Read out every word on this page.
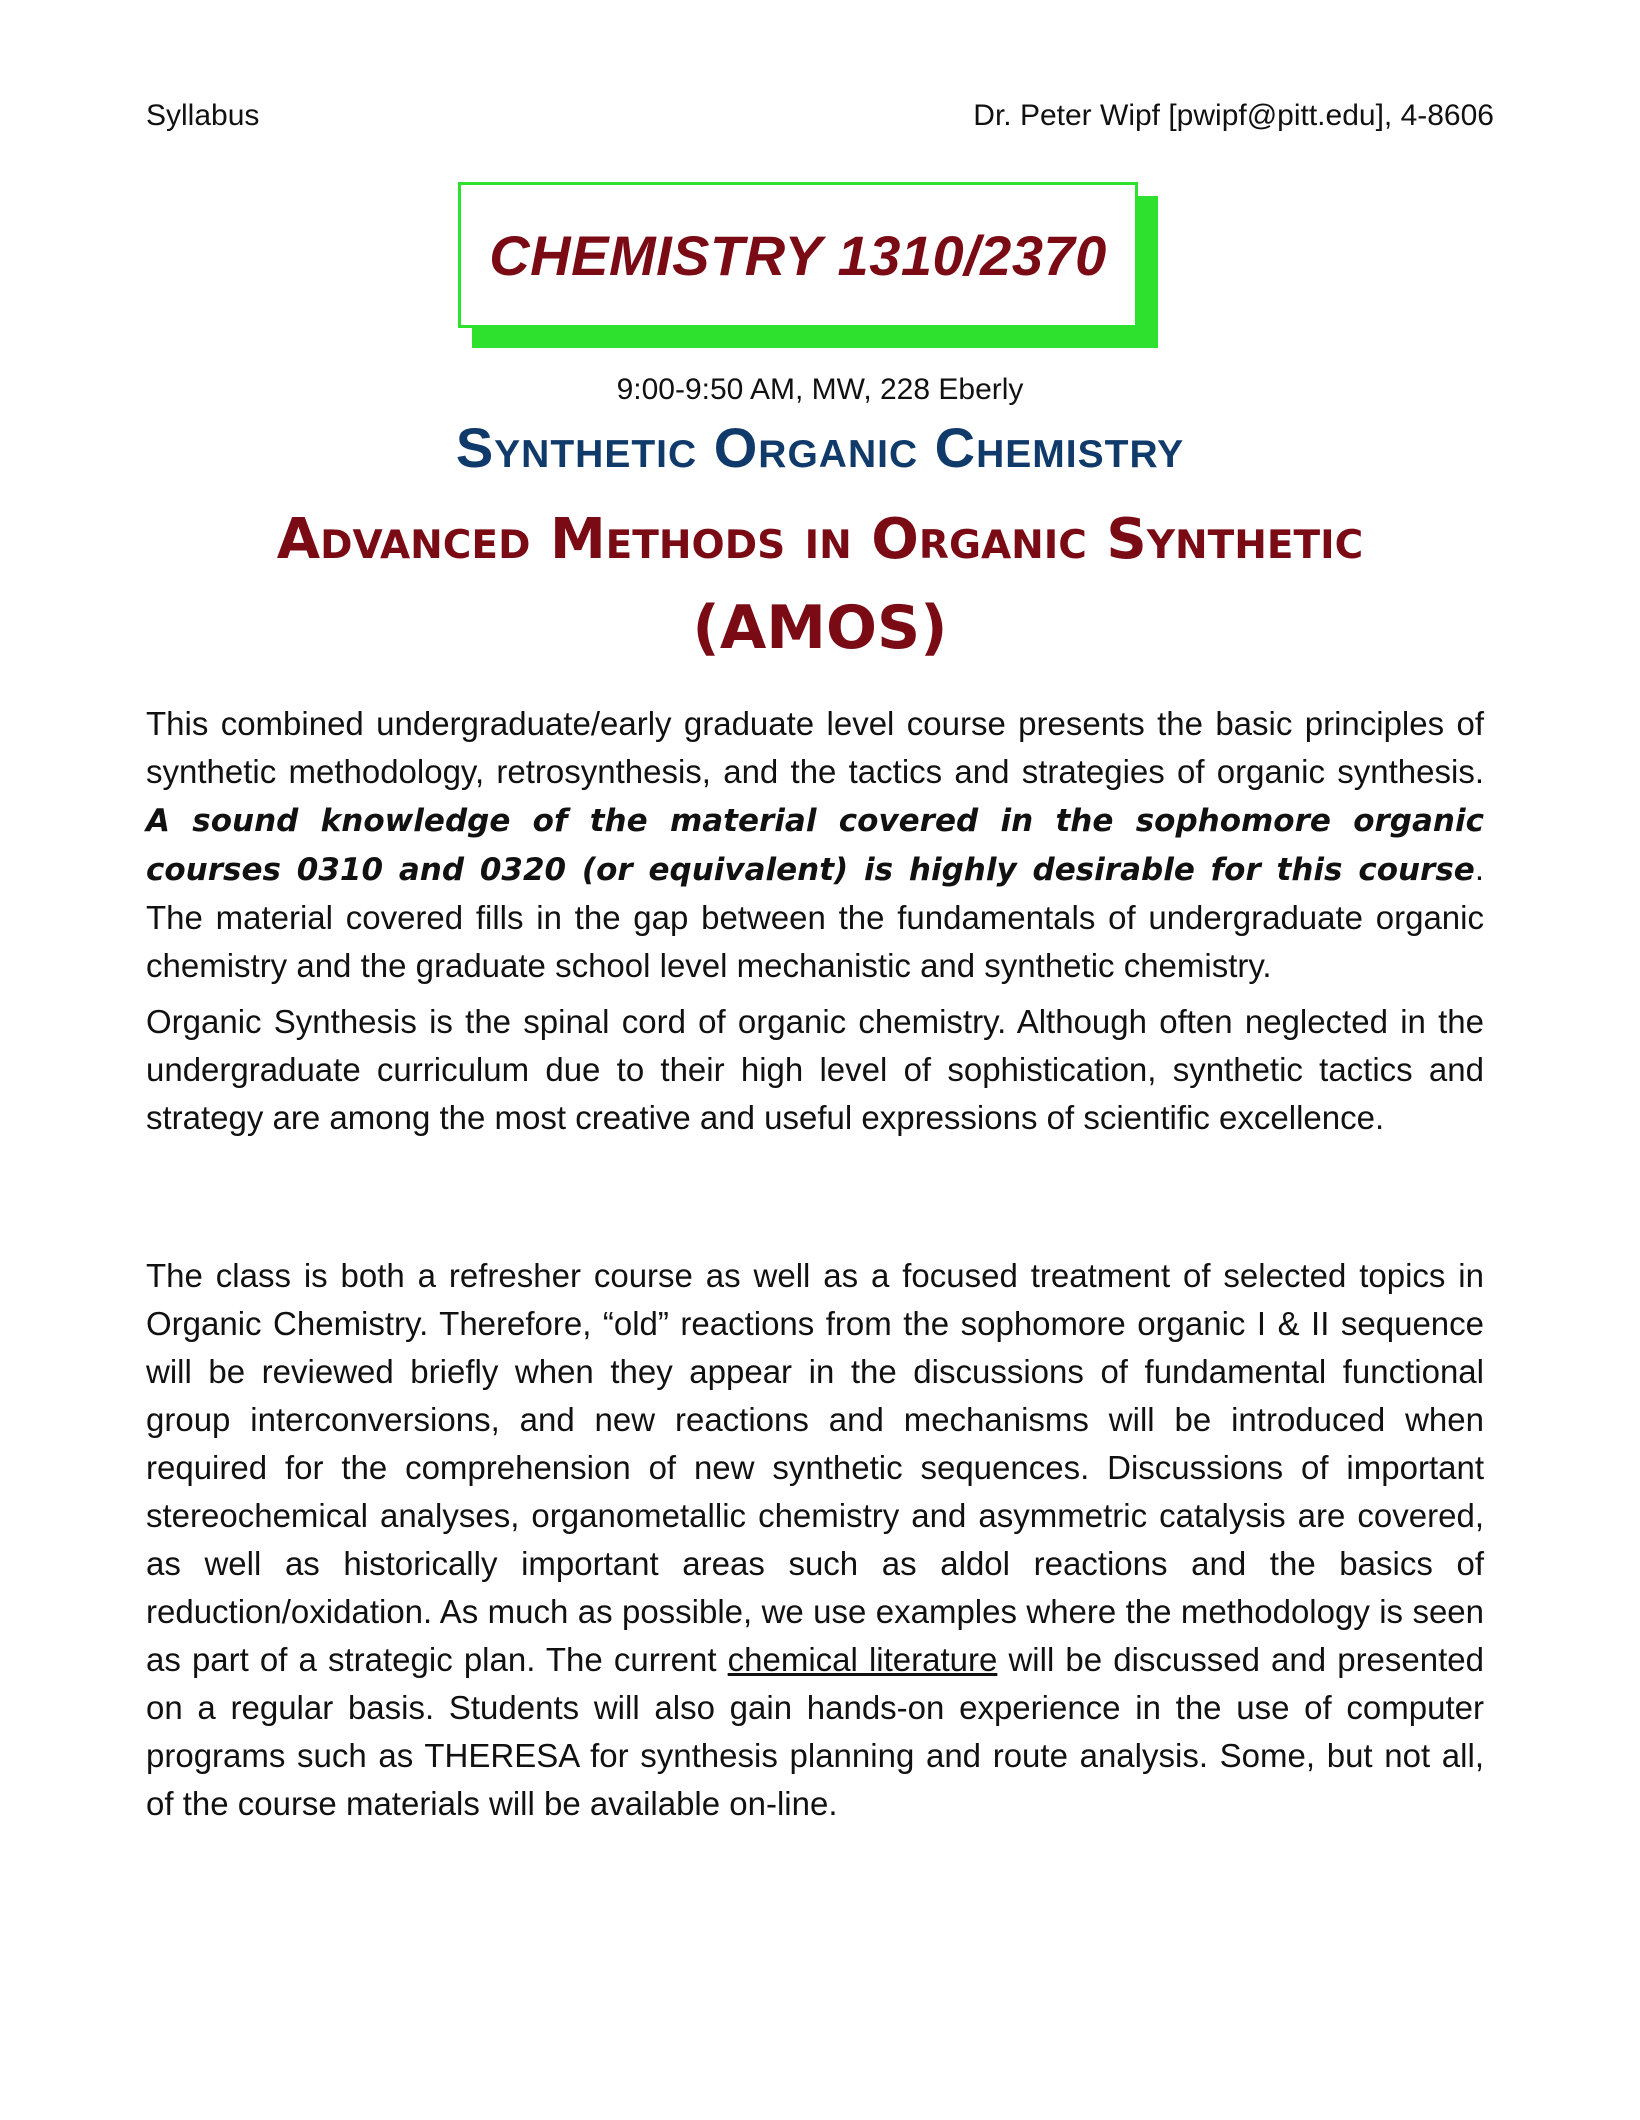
Syllabus	Dr. Peter Wipf [pwipf@pitt.edu], 4-8606
CHEMISTRY 1310/2370
9:00-9:50 AM, MW, 228 Eberly
Synthetic Organic Chemistry
Advanced Methods in Organic Synthetic
(AMOS)
This combined undergraduate/early graduate level course presents the basic principles of synthetic methodology, retrosynthesis, and the tactics and strategies of organic synthesis. A sound knowledge of the material covered in the sophomore organic courses 0310 and 0320 (or equivalent) is highly desirable for this course. The material covered fills in the gap between the fundamentals of undergraduate organic chemistry and the graduate school level mechanistic and synthetic chemistry.
Organic Synthesis is the spinal cord of organic chemistry. Although often neglected in the undergraduate curriculum due to their high level of sophistication, synthetic tactics and strategy are among the most creative and useful expressions of scientific excellence.
The class is both a refresher course as well as a focused treatment of selected topics in Organic Chemistry. Therefore, “old” reactions from the sophomore organic I & II sequence will be reviewed briefly when they appear in the discussions of fundamental functional group interconversions, and new reactions and mechanisms will be introduced when required for the comprehension of new synthetic sequences. Discussions of important stereochemical analyses, organometallic chemistry and asymmetric catalysis are covered, as well as historically important areas such as aldol reactions and the basics of reduction/oxidation. As much as possible, we use examples where the methodology is seen as part of a strategic plan. The current chemical literature will be discussed and presented on a regular basis. Students will also gain hands-on experience in the use of computer programs such as THERESA for synthesis planning and route analysis. Some, but not all, of the course materials will be available on-line.
